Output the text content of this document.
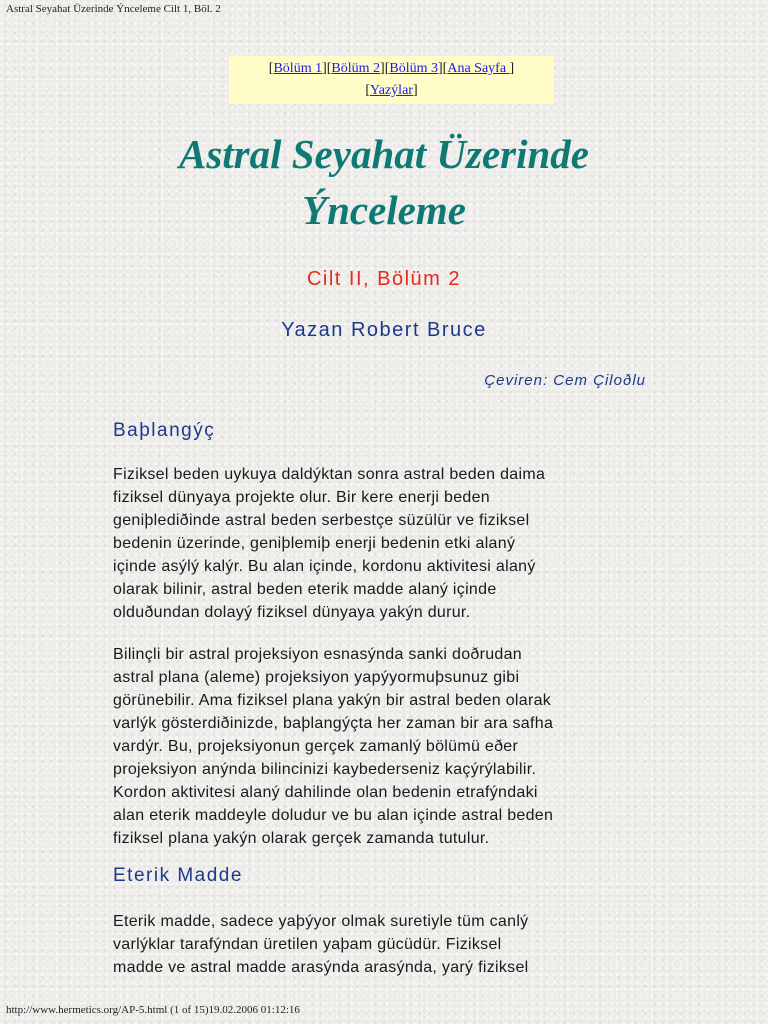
Astral Seyahat Üzerinde Ýnceleme Cilt 1, Böl. 2
[Bölüm 1][Bölüm 2][Bölüm 3][Ana Sayfa ]
[Yazýlar]
Astral Seyahat Üzerinde
Ýnceleme
Cilt II, Bölüm 2
Yazan Robert Bruce
Çeviren: Cem Çiloðlu
Baþlangýç

Fiziksel beden uykuya daldýktan sonra astral beden daima
fiziksel dünyaya projekte olur. Bir kere enerji beden
geniþlediðinde astral beden serbestçe süzülür ve fiziksel
bedenin üzerinde, geniþlemiþ enerji bedenin etki alaný
içinde asýlý kalýr. Bu alan içinde, kordonu aktivitesi alaný
olarak bilinir, astral beden eterik madde alaný içinde
olduðundan dolayý fiziksel dünyaya yakýn durur.

Bilinçli bir astral projeksiyon esnasýnda sanki doðrudan
astral plana (aleme) projeksiyon yapýyormuþsunuz gibi
görünebilir. Ama fiziksel plana yakýn bir astral beden olarak
varlýk gösterdiðinizde, baþlangýçta her zaman bir ara safha
vardýr. Bu, projeksiyonun gerçek zamanlý bölümü eðer
projeksiyon anýnda bilincinizi kaybederseniz kaçýrýlabilir.
Kordon aktivitesi alaný dahilinde olan bedenin etrafýndaki
alan eterik maddeyle doludur ve bu alan içinde astral beden
fiziksel plana yakýn olarak gerçek zamanda tutulur.

Eterik Madde

Eterik madde, sadece yaþýyor olmak suretiyle tüm canlý
varlýklar tarafýndan üretilen yaþam gücüdür. Fiziksel
madde ve astral madde arasýnda arasýnda, yarý fiziksel

http://www.hermetics.org/AP-5.html (1 of 15)19.02.2006 01:12:16
